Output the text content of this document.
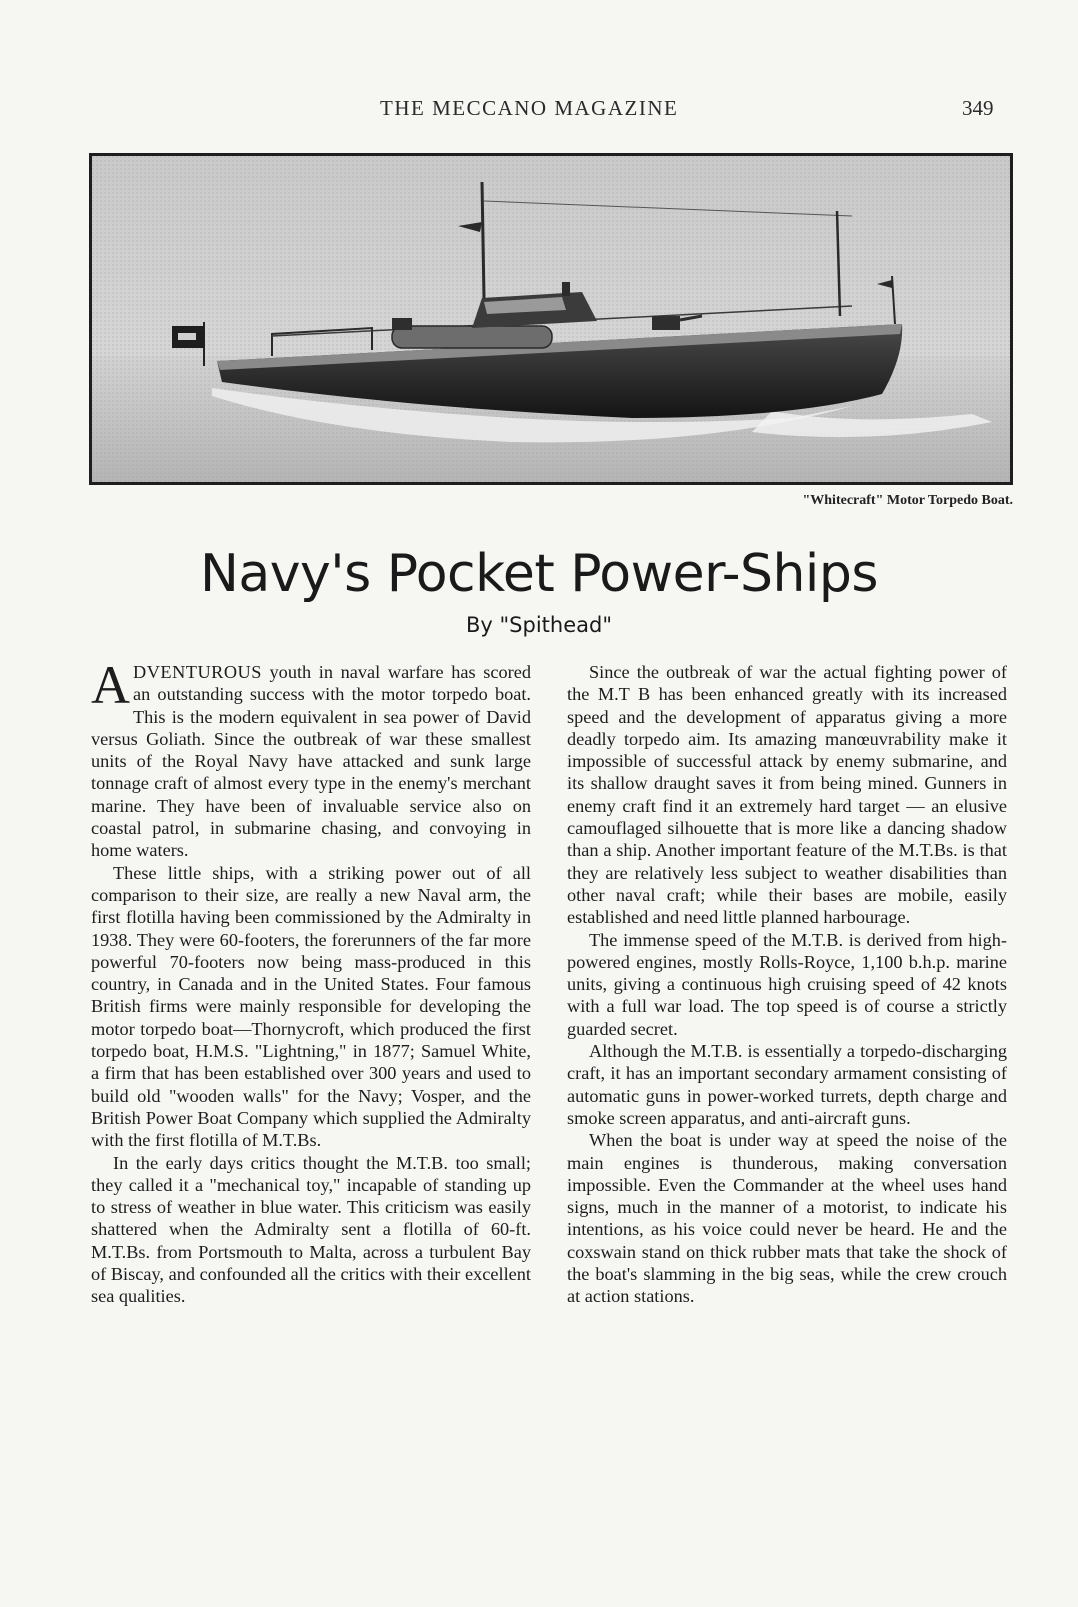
THE MECCANO MAGAZINE	349
"Whitecraft" Motor Torpedo Boat.
Navy's Pocket Power-Ships
By "Spithead"

ADVENTUROUS youth in naval warfare has scored an outstanding success with the motor torpedo boat. This is the modern equivalent in sea power of David versus Goliath. Since the outbreak of war these smallest units of the Royal Navy have attacked and sunk large tonnage craft of almost every type in the enemy's merchant marine. They have been of invaluable service also on coastal patrol, in submarine chasing, and convoying in home waters.

These little ships, with a striking power out of all comparison to their size, are really a new Naval arm, the first flotilla having been commissioned by the Admiralty in 1938. They were 60-footers, the forerunners of the far more powerful 70-footers now being mass-produced in this country, in Canada and in the United States. Four famous British firms were mainly responsible for developing the motor torpedo boat—Thornycroft, which produced the first torpedo boat, H.M.S. "Lightning," in 1877; Samuel White, a firm that has been established over 300 years and used to build old "wooden walls" for the Navy; Vosper, and the British Power Boat Company which supplied the Admiralty with the first flotilla of M.T.Bs.

In the early days critics thought the M.T.B. too small; they called it a "mechanical toy," incapable of standing up to stress of weather in blue water. This criticism was easily shattered when the Admiralty sent a flotilla of 60-ft. M.T.Bs. from Portsmouth to Malta, across a turbulent Bay of Biscay, and confounded all the critics with their excellent sea qualities.

Since the outbreak of war the actual fighting power of the M.T B has been enhanced greatly with its increased speed and the development of apparatus giving a more deadly torpedo aim. Its amazing manœuvrability make it impossible of successful attack by enemy submarine, and its shallow draught saves it from being mined. Gunners in enemy craft find it an extremely hard target — an elusive camouflaged silhouette that is more like a dancing shadow than a ship. Another important feature of the M.T.Bs. is that they are relatively less subject to weather disabilities than other naval craft; while their bases are mobile, easily established and need little planned harbourage.

The immense speed of the M.T.B. is derived from high-powered engines, mostly Rolls-Royce, 1,100 b.h.p. marine units, giving a continuous high cruising speed of 42 knots with a full war load. The top speed is of course a strictly guarded secret.

Although the M.T.B. is essentially a torpedo-discharging craft, it has an important secondary armament consisting of automatic guns in power-worked turrets, depth charge and smoke screen apparatus, and anti-aircraft guns.

When the boat is under way at speed the noise of the main engines is thunderous, making conversation impossible. Even the Commander at the wheel uses hand signs, much in the manner of a motorist, to indicate his intentions, as his voice could never be heard. He and the coxswain stand on thick rubber mats that take the shock of the boat's slamming in the big seas, while the crew crouch at action stations.
